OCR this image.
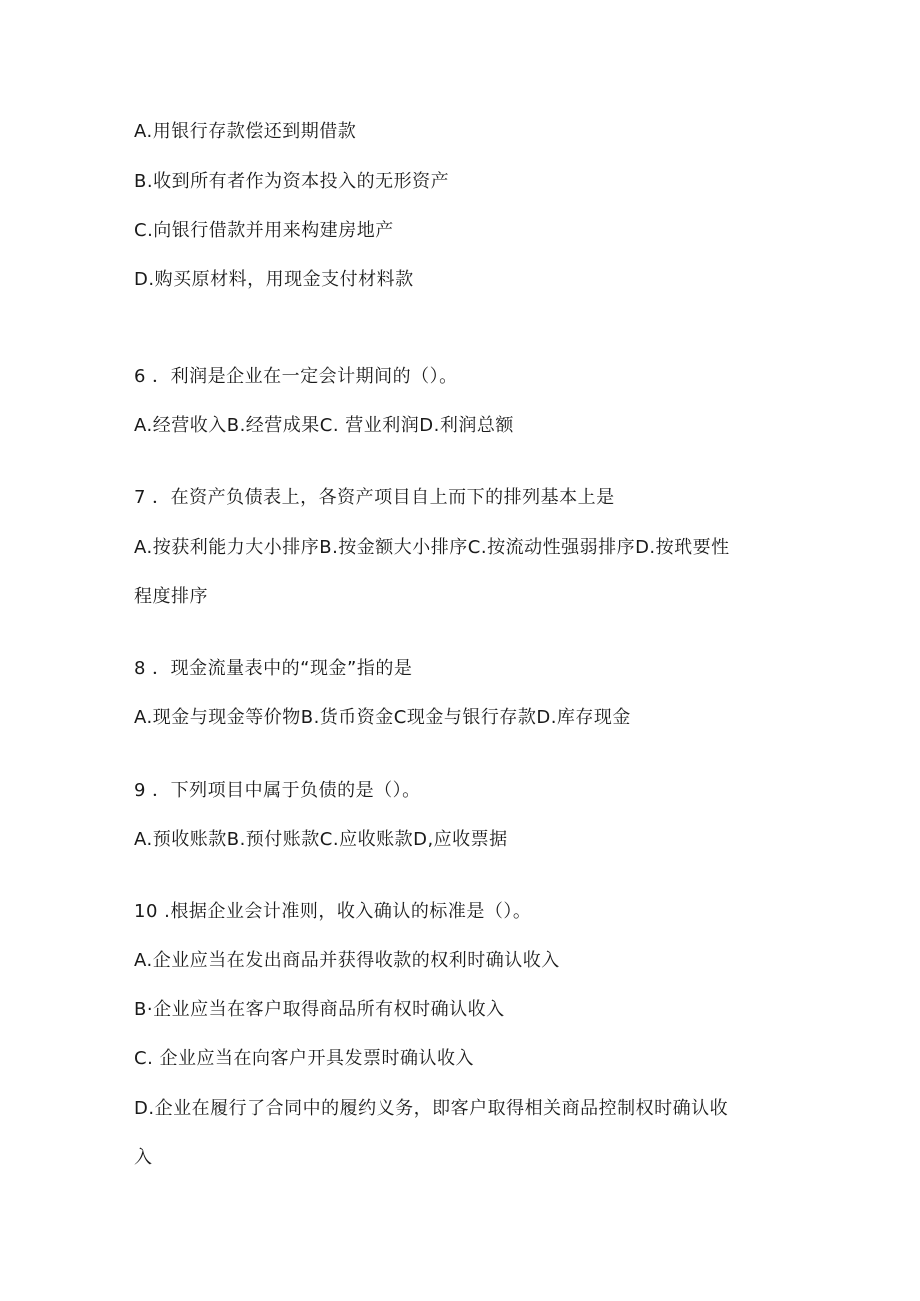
A.用银行存款偿还到期借款
B.收到所有者作为资本投入的无形资产
C.向银行借款并用来构建房地产
D.购买原材料，用现金支付材料款
6 ．利润是企业在一定会计期间的（）。
A.经营收入B.经营成果C. 营业利润D.利润总额
7 ．在资产负债表上，各资产项目自上而下的排列基本上是
A.按获利能力大小排序B.按金额大小排序C.按流动性强弱排序D.按玳要性
程度排序
8 ．现金流量表中的“现金”指的是
A.现金与现金等价物B.货币资金C现金与银行存款D.库存现金
9 ．下列项目中属于负债的是（）。
A.预收账款B.预付账款C.应收账款D,应收票据
10 .根据企业会计准则，收入确认的标准是（）。
A.企业应当在发出商品并获得收款的权利时确认收入
B·企业应当在客户取得商品所有权时确认收入
C. 企业应当在向客户开具发票时确认收入
D.企业在履行了合同中的履约义务，即客户取得相关商品控制权时确认收
入
